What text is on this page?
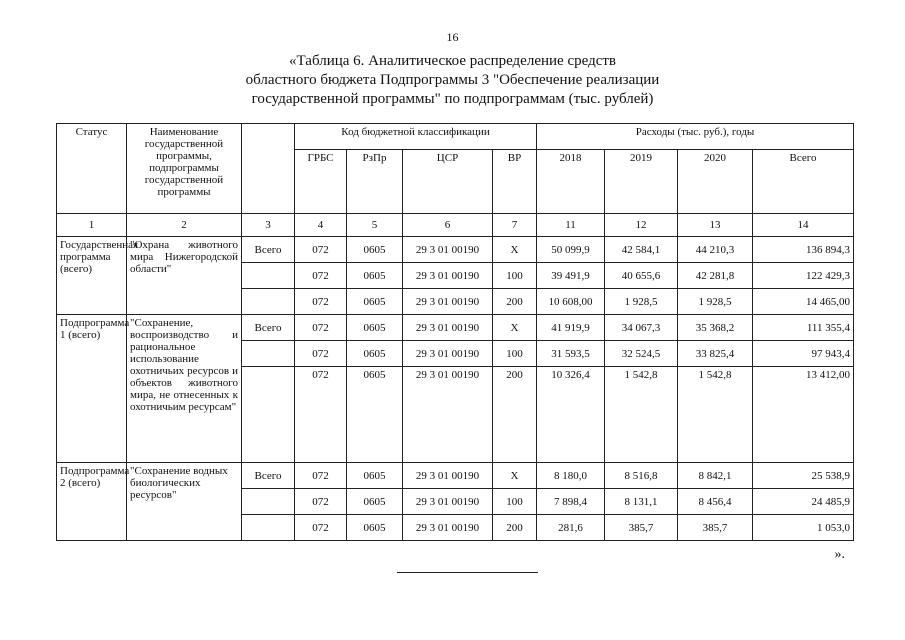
16
«Таблица 6. Аналитическое распределение средств
областного бюджета Подпрограммы 3 "Обеспечение реализации
государственной программы" по подпрограммам (тыс. рублей)
Статус	Наименование государственной программы, подпрограммы государственной программы		Код бюджетной классификации				Расходы (тыс. руб.), годы			
			ГРБС	РзПр	ЦСР	ВР	2018	2019	2020	Всего
1	2	3	4	5	6	7	11	12	13	14
Государственная программа (всего)	"Охрана животного мира Нижегородской области"	Всего	072	0605	29 3 01 00190	X	50 099,9	42 584,1	44 210,3	136 894,3
			072	0605	29 3 01 00190	100	39 491,9	40 655,6	42 281,8	122 429,3
			072	0605	29 3 01 00190	200	10 608,00	1 928,5	1 928,5	14 465,00
Подпрограмма 1 (всего)	"Сохранение, воспроизводство и рациональное использование охотничьих ресурсов и объектов животного мира, не отнесенных к охотничьим ресурсам"	Всего	072	0605	29 3 01 00190	X	41 919,9	34 067,3	35 368,2	111 355,4
			072	0605	29 3 01 00190	100	31 593,5	32 524,5	33 825,4	97 943,4
			072	0605	29 3 01 00190	200	10 326,4	1 542,8	1 542,8	13 412,00
Подпрограмма 2 (всего)	"Сохранение водных биологических ресурсов"	Всего	072	0605	29 3 01 00190	X	8 180,0	8 516,8	8 842,1	25 538,9
			072	0605	29 3 01 00190	100	7 898,4	8 131,1	8 456,4	24 485,9
			072	0605	29 3 01 00190	200	281,6	385,7	385,7	1 053,0
».
